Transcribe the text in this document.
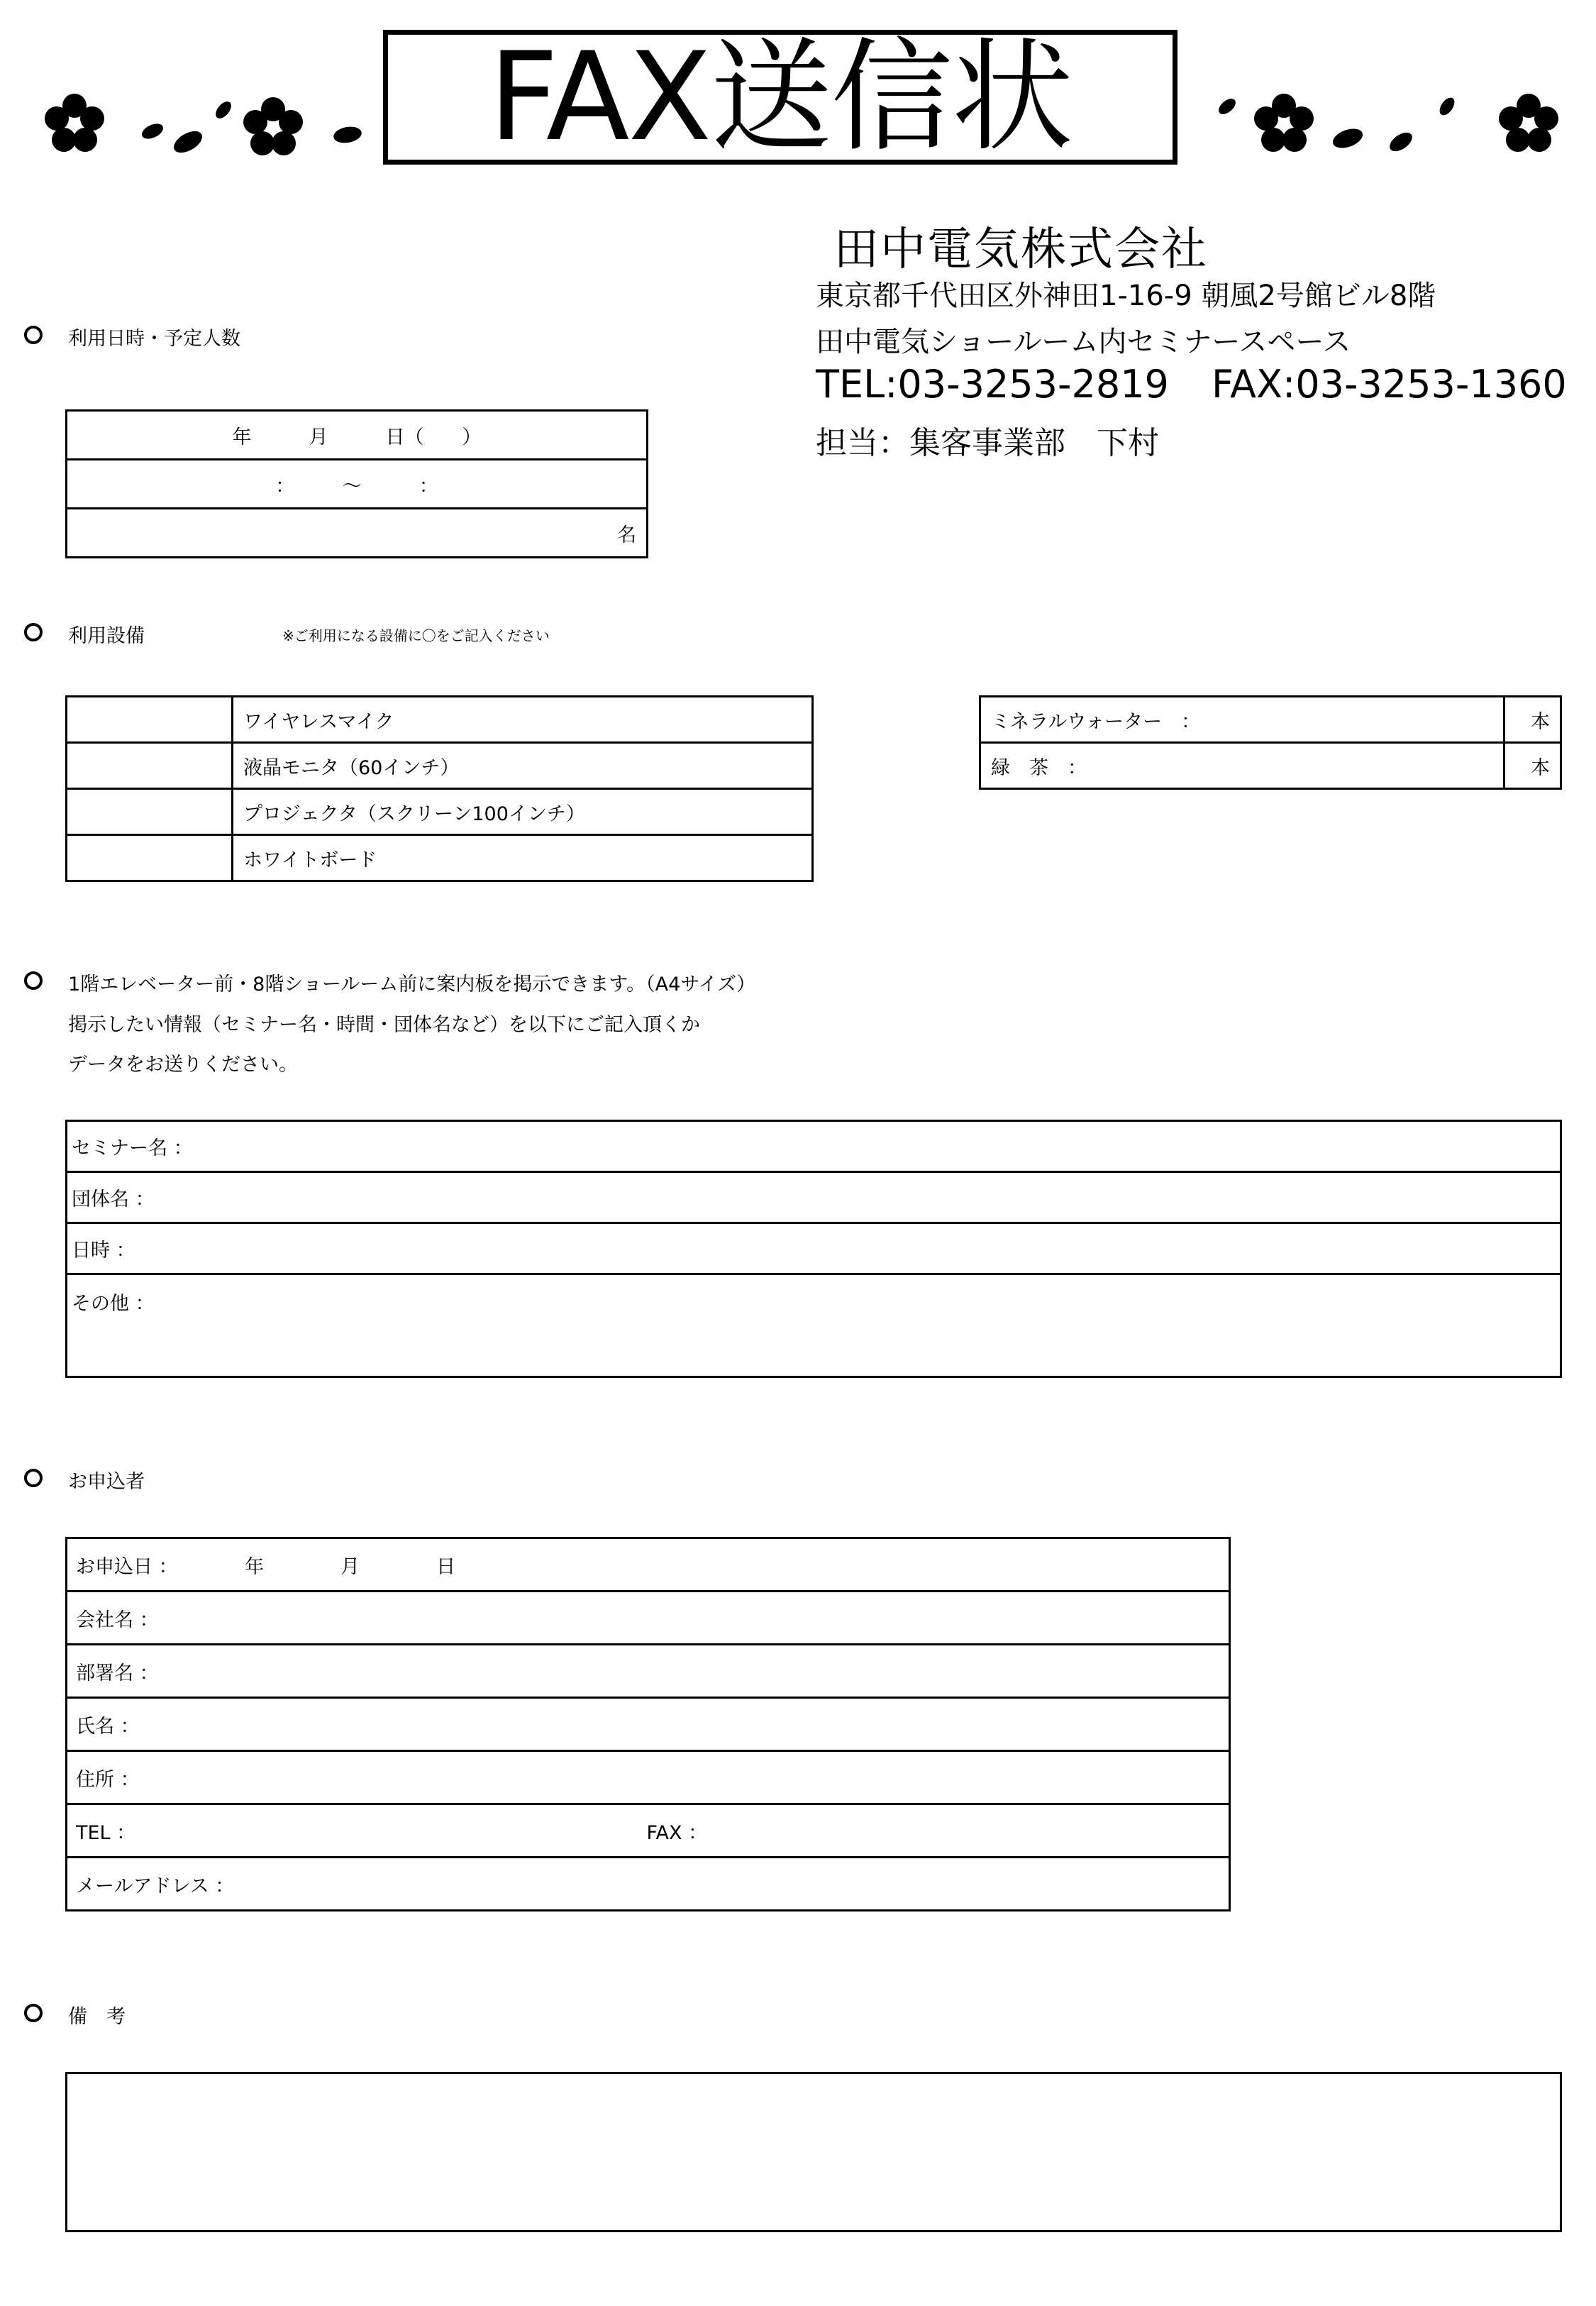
FAX送信状
田中電気株式会社
東京都千代田区外神田1-16-9 朝風2号館ビル8階
田中電気ショールーム内セミナースペース
TEL:03-3253-2819 FAX:03-3253-1360
担当：集客事業部　下村
利用日時・予定人数
年　　　月　　　日（　　）
：　　　〜　　　：
名
利用設備	※ご利用になる設備に〇をご記入ください
	ワイヤレスマイク
	液晶モニタ（60インチ）
	プロジェクタ（スクリーン100インチ）
	ホワイトボード
ミネラルウォーター　：	本
緑　茶　：	本
1階エレベーター前・8階ショールーム前に案内板を掲示できます。（A4サイズ）
掲示したい情報（セミナー名・時間・団体名など）を以下にご記入頂くか
データをお送りください。
セミナー名 ：
団体名 ：
日時 ：
その他 ：
お申込者
お申込日 ：　　　　年　　　　月　　　　日
会社名 ：
部署名 ：
氏名 ：
住所 ：
TEL ：	FAX ：
メールアドレス ：
備　考
